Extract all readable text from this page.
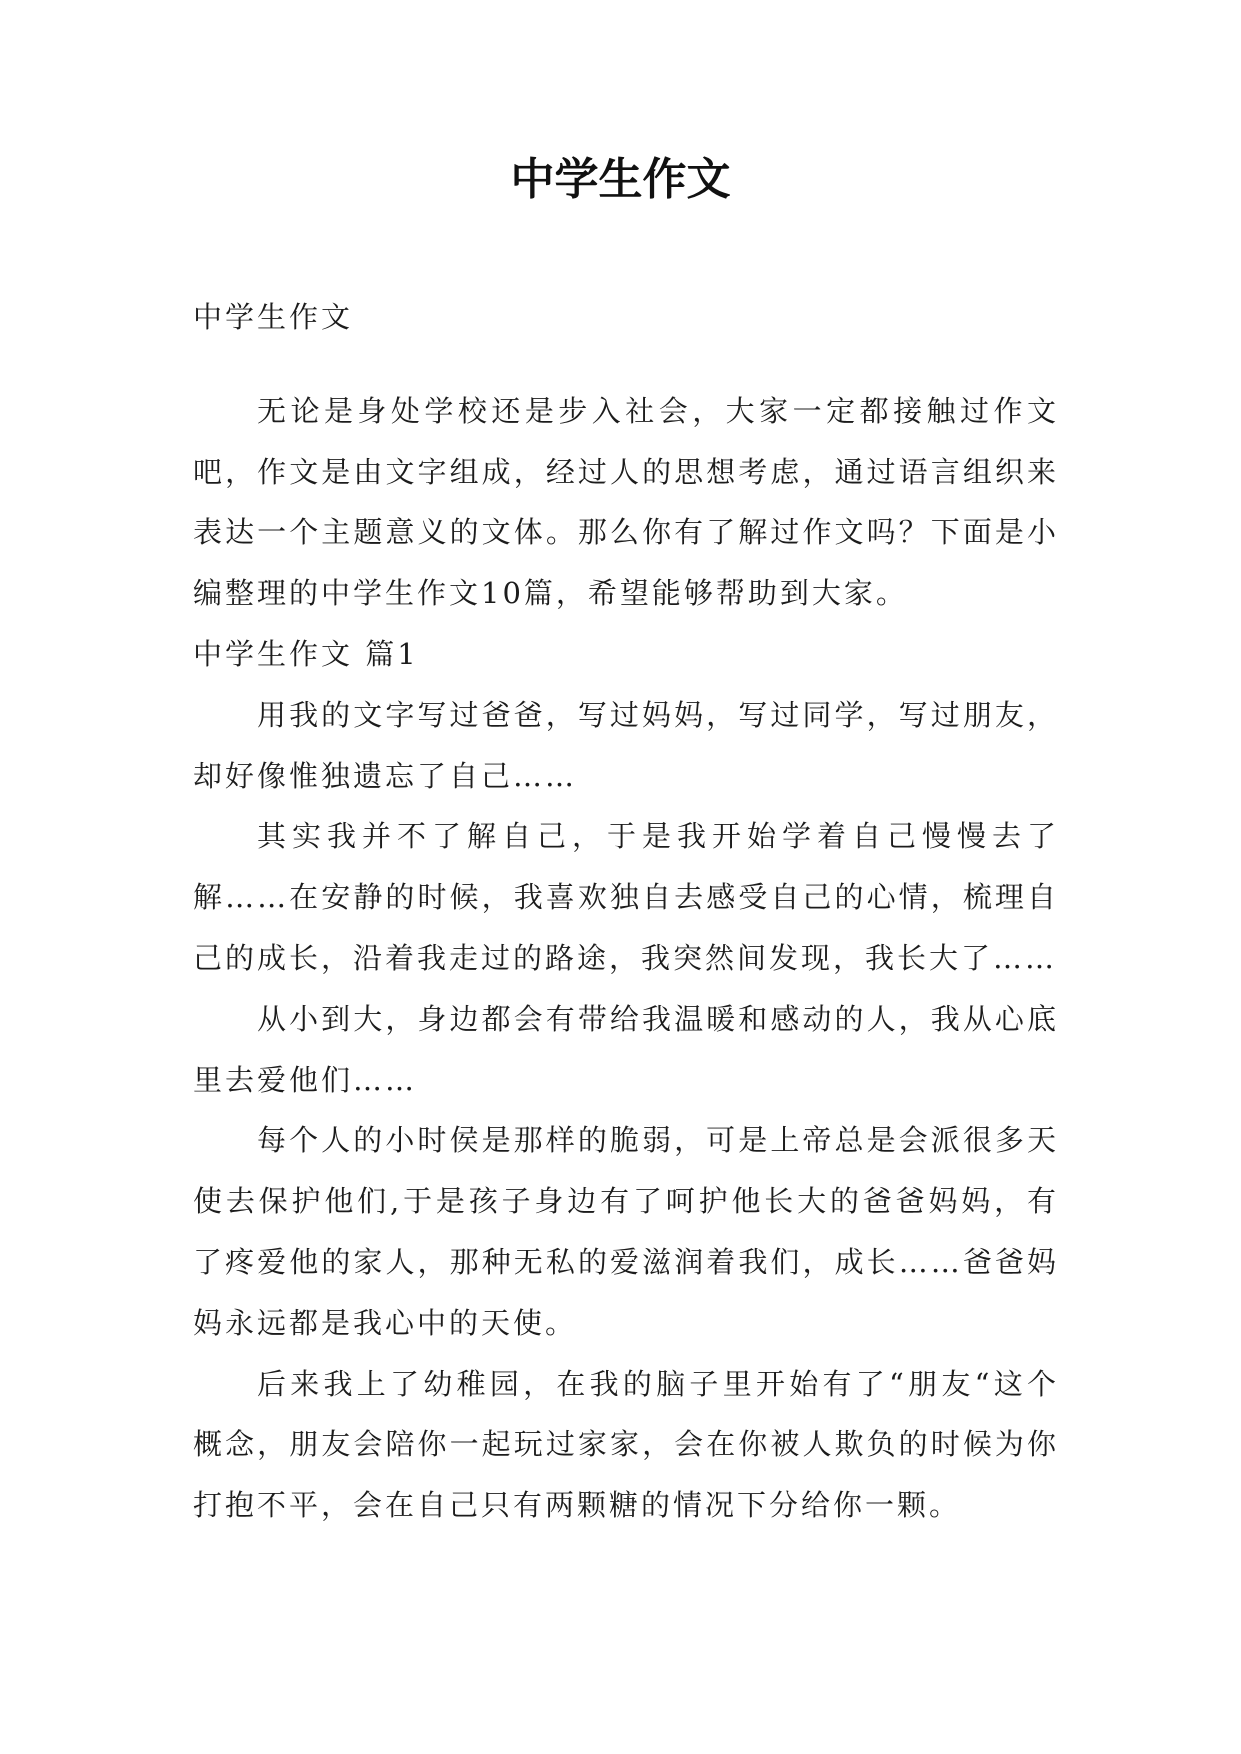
中学生作文

中学生作文

无论是身处学校还是步入社会，大家一定都接触过作文吧，作文是由文字组成，经过人的思想考虑，通过语言组织来表达一个主题意义的文体。那么你有了解过作文吗？下面是小编整理的中学生作文10篇，希望能够帮助到大家。

中学生作文 篇1

用我的文字写过爸爸，写过妈妈，写过同学，写过朋友，却好像惟独遗忘了自己……

其实我并不了解自己，于是我开始学着自己慢慢去了解……在安静的时候，我喜欢独自去感受自己的心情，梳理自己的成长，沿着我走过的路途，我突然间发现，我长大了……

从小到大，身边都会有带给我温暖和感动的人，我从心底里去爱他们……

每个人的小时侯是那样的脆弱，可是上帝总是会派很多天使去保护他们,于是孩子身边有了呵护他长大的爸爸妈妈，有了疼爱他的家人，那种无私的爱滋润着我们，成长……爸爸妈妈永远都是我心中的天使。

后来我上了幼稚园，在我的脑子里开始有了“朋友“这个概念，朋友会陪你一起玩过家家，会在你被人欺负的时候为你打抱不平，会在自己只有两颗糖的情况下分给你一颗。
